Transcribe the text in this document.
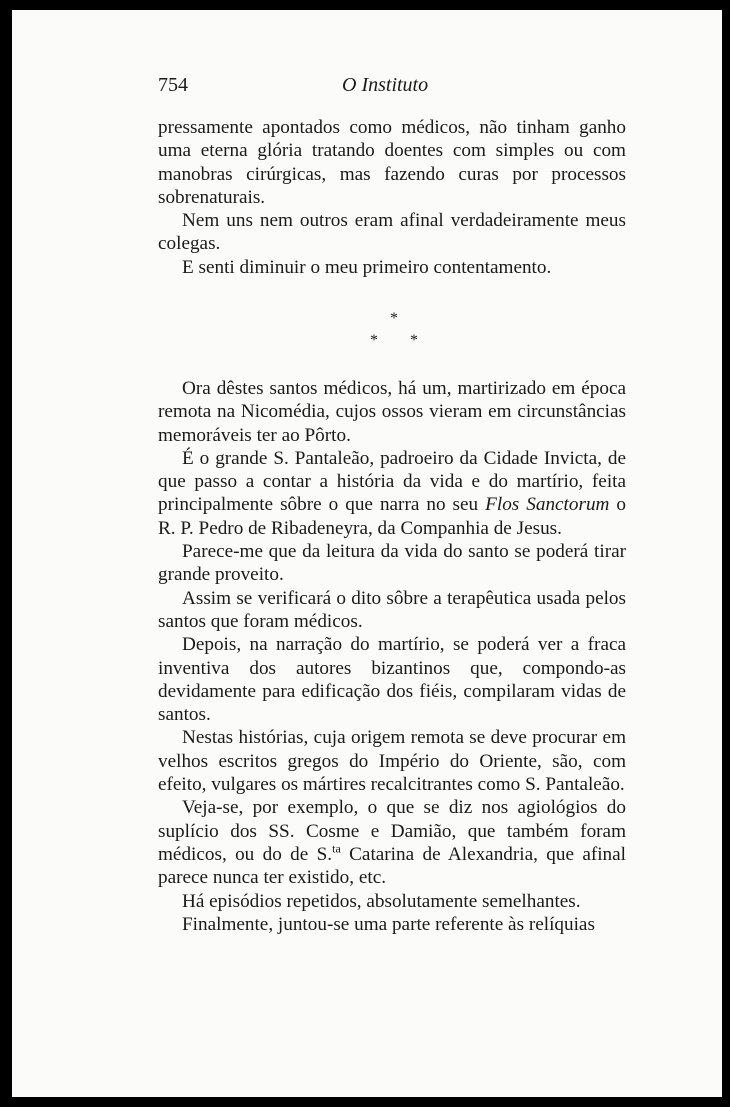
754	O Instituto

pressamente apontados como médicos, não tinham ganho uma eterna glória tratando doentes com simples ou com manobras cirúrgicas, mas fazendo curas por processos sobrenaturais.

Nem uns nem outros eram afinal verdadeiramente meus colegas.

E senti diminuir o meu primeiro contentamento.

*
* *

Ora dêstes santos médicos, há um, martirizado em época remota na Nicomédia, cujos ossos vieram em circunstâncias memoráveis ter ao Pôrto.

É o grande S. Pantaleão, padroeiro da Cidade Invicta, de que passo a contar a história da vida e do martírio, feita principalmente sôbre o que narra no seu Flos Sanctorum o R. P. Pedro de Ribadeneyra, da Companhia de Jesus.

Parece-me que da leitura da vida do santo se poderá tirar grande proveito.

Assim se verificará o dito sôbre a terapêutica usada pelos santos que foram médicos.

Depois, na narração do martírio, se poderá ver a fraca inventiva dos autores bizantinos que, compondo-as devidamente para edificação dos fiéis, compilaram vidas de santos.

Nestas histórias, cuja origem remota se deve procurar em velhos escritos gregos do Império do Oriente, são, com efeito, vulgares os mártires recalcitrantes como S. Pantaleão.

Veja-se, por exemplo, o que se diz nos agiológios do suplício dos SS. Cosme e Damião, que também foram médicos, ou do de S.$^{ta}$ Catarina de Alexandria, que afinal parece nunca ter existido, etc.

Há episódios repetidos, absolutamente semelhantes.

Finalmente, juntou-se uma parte referente às relíquias
